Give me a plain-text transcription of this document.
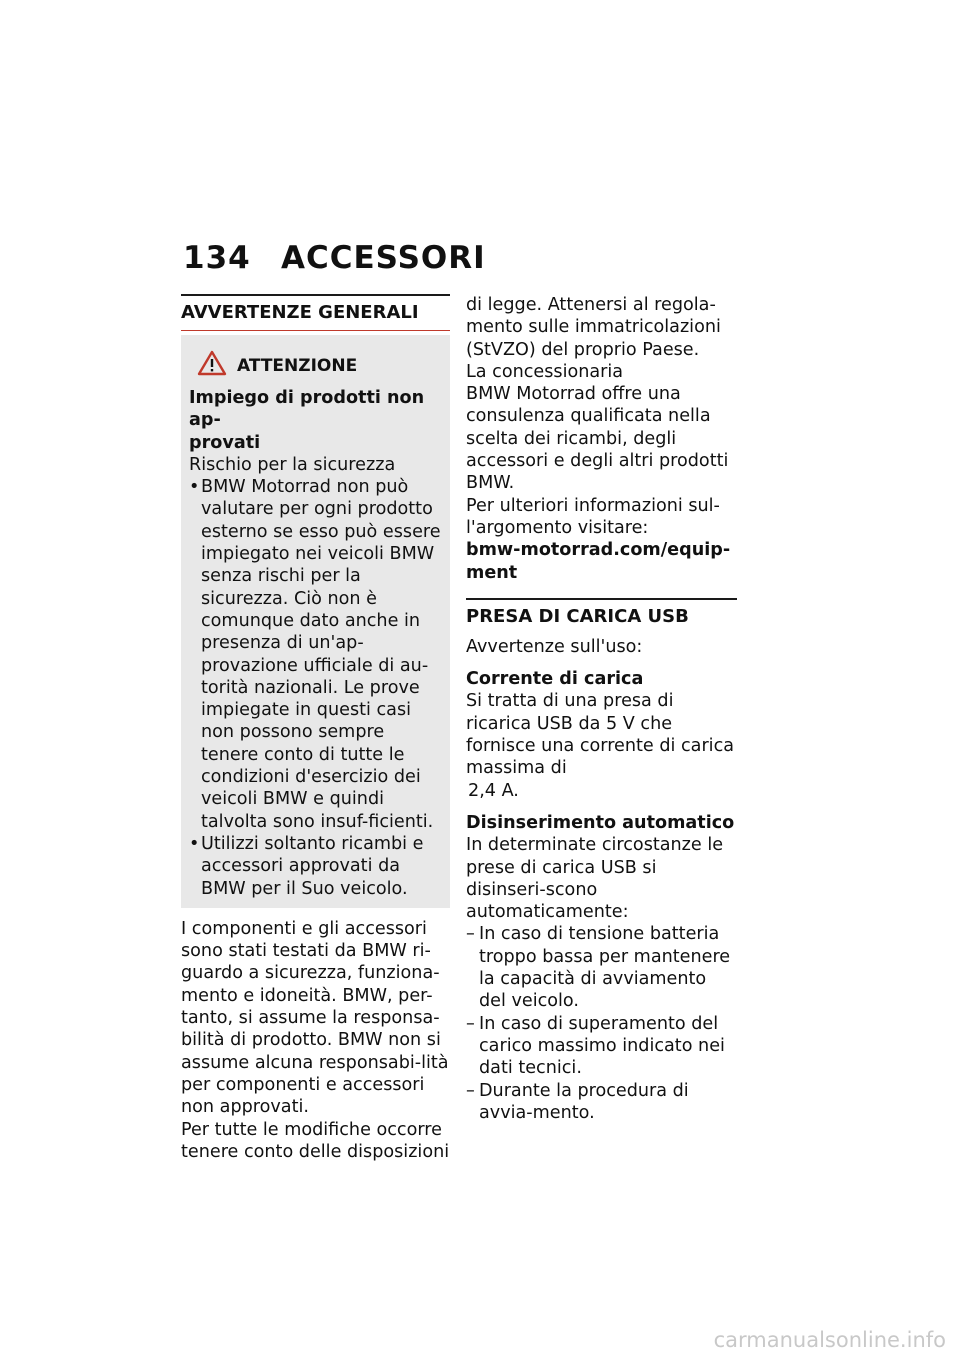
134 ACCESSORI
AVVERTENZE GENERALI
ATTENZIONE

Impiego di prodotti non ap-
provati

Rischio per la sicurezza

• BMW Motorrad non può valutare per ogni prodotto esterno se esso può essere impiegato nei veicoli BMW senza rischi per la sicurezza. Ciò non è comunque dato anche in presenza di un'ap-provazione ufficiale di au-torità nazionali. Le prove impiegate in questi casi non possono sempre tenere conto di tutte le condizioni d'esercizio dei veicoli BMW e quindi talvolta sono insuf-ficienti.
• Utilizzi soltanto ricambi e accessori approvati da BMW per il Suo veicolo.

I componenti e gli accessori sono stati testati da BMW ri-guardo a sicurezza, funziona-mento e idoneità. BMW, per-tanto, si assume la responsa-bilità di prodotto. BMW non si assume alcuna responsabi-lità per componenti e accessori non approvati.

Per tutte le modifiche occorre tenere conto delle disposizioni

di legge. Attenersi al regola-mento sulle immatricolazioni (StVZO) del proprio Paese.

La concessionaria

BMW Motorrad offre una consulenza qualificata nella scelta dei ricambi, degli accessori e degli altri prodotti BMW.

Per ulteriori informazioni sul-l'argomento visitare:

bmw-motorrad.com/equip-ment

PRESA DI CARICA USB

Avvertenze sull'uso:

Corrente di carica

Si tratta di una presa di ricarica USB da 5 V che fornisce una corrente di carica massima di

2,4 A.

Disinserimento automatico

In determinate circostanze le prese di carica USB si disinseri-scono automaticamente:

– In caso di tensione batteria troppo bassa per mantenere la capacità di avviamento del veicolo.
– In caso di superamento del carico massimo indicato nei dati tecnici.
– Durante la procedura di avvia-mento.
carmanualsonline.info
